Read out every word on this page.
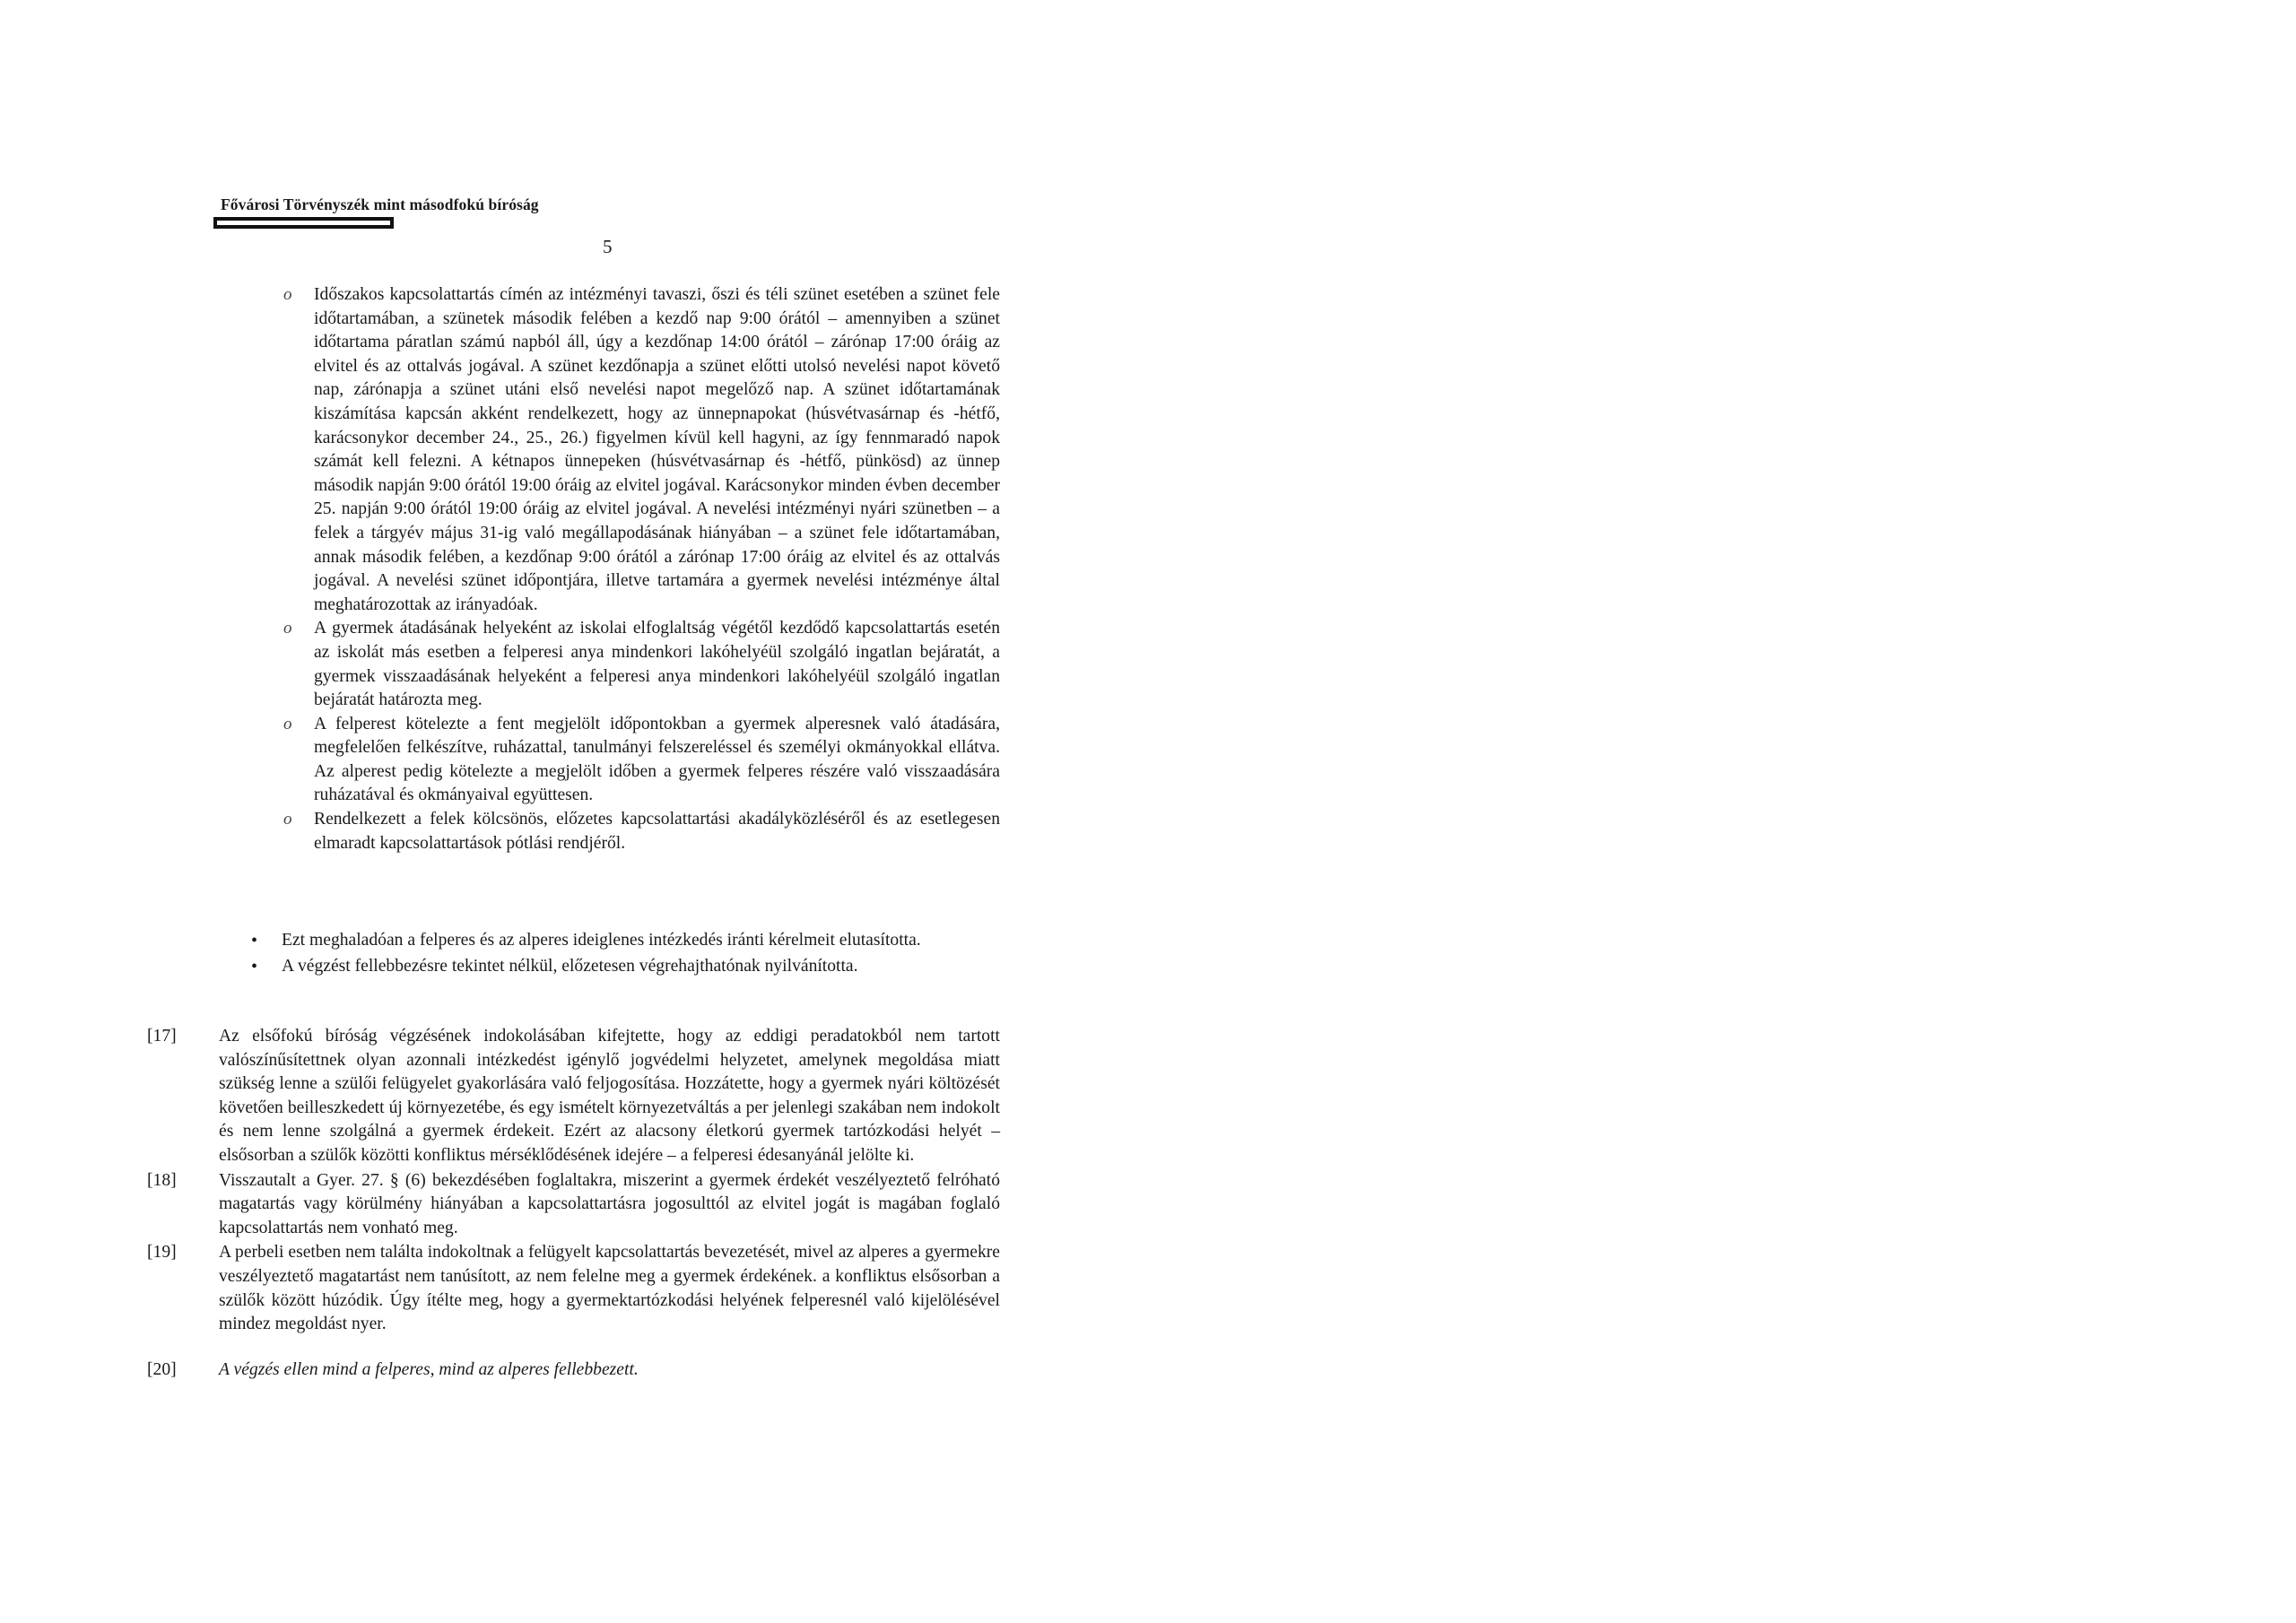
Fővárosi Törvényszék mint másodfokú bíróság
5

o Időszakos kapcsolattartás címén az intézményi tavaszi, őszi és téli szünet esetében a szünet fele időtartamában, a szünetek második felében a kezdő nap 9:00 órától – amennyiben a szünet időtartama páratlan számú napból áll, úgy a kezdőnap 14:00 órától – zárónap 17:00 óráig az elvitel és az ottalvás jogával. A szünet kezdőnapja a szünet előtti utolsó nevelési napot követő nap, zárónapja a szünet utáni első nevelési napot megelőző nap. A szünet időtartamának kiszámítása kapcsán akként rendelkezett, hogy az ünnepnapokat (húsvétvasárnap és -hétfő, karácsonykor december 24., 25., 26.) figyelmen kívül kell hagyni, az így fennmaradó napok számát kell felezni. A kétnapos ünnepeken (húsvétvasárnap és -hétfő, pünkösd) az ünnep második napján 9:00 órától 19:00 óráig az elvitel jogával. Karácsonykor minden évben december 25. napján 9:00 órától 19:00 óráig az elvitel jogával. A nevelési intézményi nyári szünetben – a felek a tárgyév május 31-ig való megállapodásának hiányában – a szünet fele időtartamában, annak második felében, a kezdőnap 9:00 órától a zárónap 17:00 óráig az elvitel és az ottalvás jogával. A nevelési szünet időpontjára, illetve tartamára a gyermek nevelési intézménye által meghatározottak az irányadóak.

o A gyermek átadásának helyeként az iskolai elfoglaltság végétől kezdődő kapcsolattartás esetén az iskolát más esetben a felperesi anya mindenkori lakóhelyéül szolgáló ingatlan bejáratát, a gyermek visszaadásának helyeként a felperesi anya mindenkori lakóhelyéül szolgáló ingatlan bejáratát határozta meg.

o A felperest kötelezte a fent megjelölt időpontokban a gyermek alperesnek való átadására, megfelelően felkészítve, ruházattal, tanulmányi felszereléssel és személyi okmányokkal ellátva. Az alperest pedig kötelezte a megjelölt időben a gyermek felperes részére való visszaadására ruházatával és okmányaival együttesen.

o Rendelkezett a felek kölcsönös, előzetes kapcsolattartási akadályközléséről és az esetlegesen elmaradt kapcsolattartások pótlási rendjéről.

• Ezt meghaladóan a felperes és az alperes ideiglenes intézkedés iránti kérelmeit elutasította.

• A végzést fellebbezésre tekintet nélkül, előzetesen végrehajthatónak nyilvánította.

[17] Az elsőfokú bíróság végzésének indokolásában kifejtette, hogy az eddigi peradatokból nem tartott valószínűsítettnek olyan azonnali intézkedést igénylő jogvédelmi helyzetet, amelynek megoldása miatt szükség lenne a szülői felügyelet gyakorlására való feljogosítása. Hozzátette, hogy a gyermek nyári költözését követően beilleszkedett új környezetébe, és egy ismételt környezetváltás a per jelenlegi szakában nem indokolt és nem lenne szolgálná a gyermek érdekeit. Ezért az alacsony életkorú gyermek tartózkodási helyét – elsősorban a szülők közötti konfliktus mérséklődésének idejére – a felperesi édesanyánál jelölte ki.

[18] Visszautalt a Gyer. 27. § (6) bekezdésében foglaltakra, miszerint a gyermek érdekét veszélyeztető felróható magatartás vagy körülmény hiányában a kapcsolattartásra jogosulttól az elvitel jogát is magában foglaló kapcsolattartás nem vonható meg.

[19] A perbeli esetben nem találta indokoltnak a felügyelt kapcsolattartás bevezetését, mivel az alperes a gyermekre veszélyeztető magatartást nem tanúsított, az nem felelne meg a gyermek érdekének. a konfliktus elsősorban a szülők között húzódik. Úgy ítélte meg, hogy a gyermektartózkodási helyének felperesnél való kijelölésével mindez megoldást nyer.

[20] A végzés ellen mind a felperes, mind az alperes fellebbezett.
